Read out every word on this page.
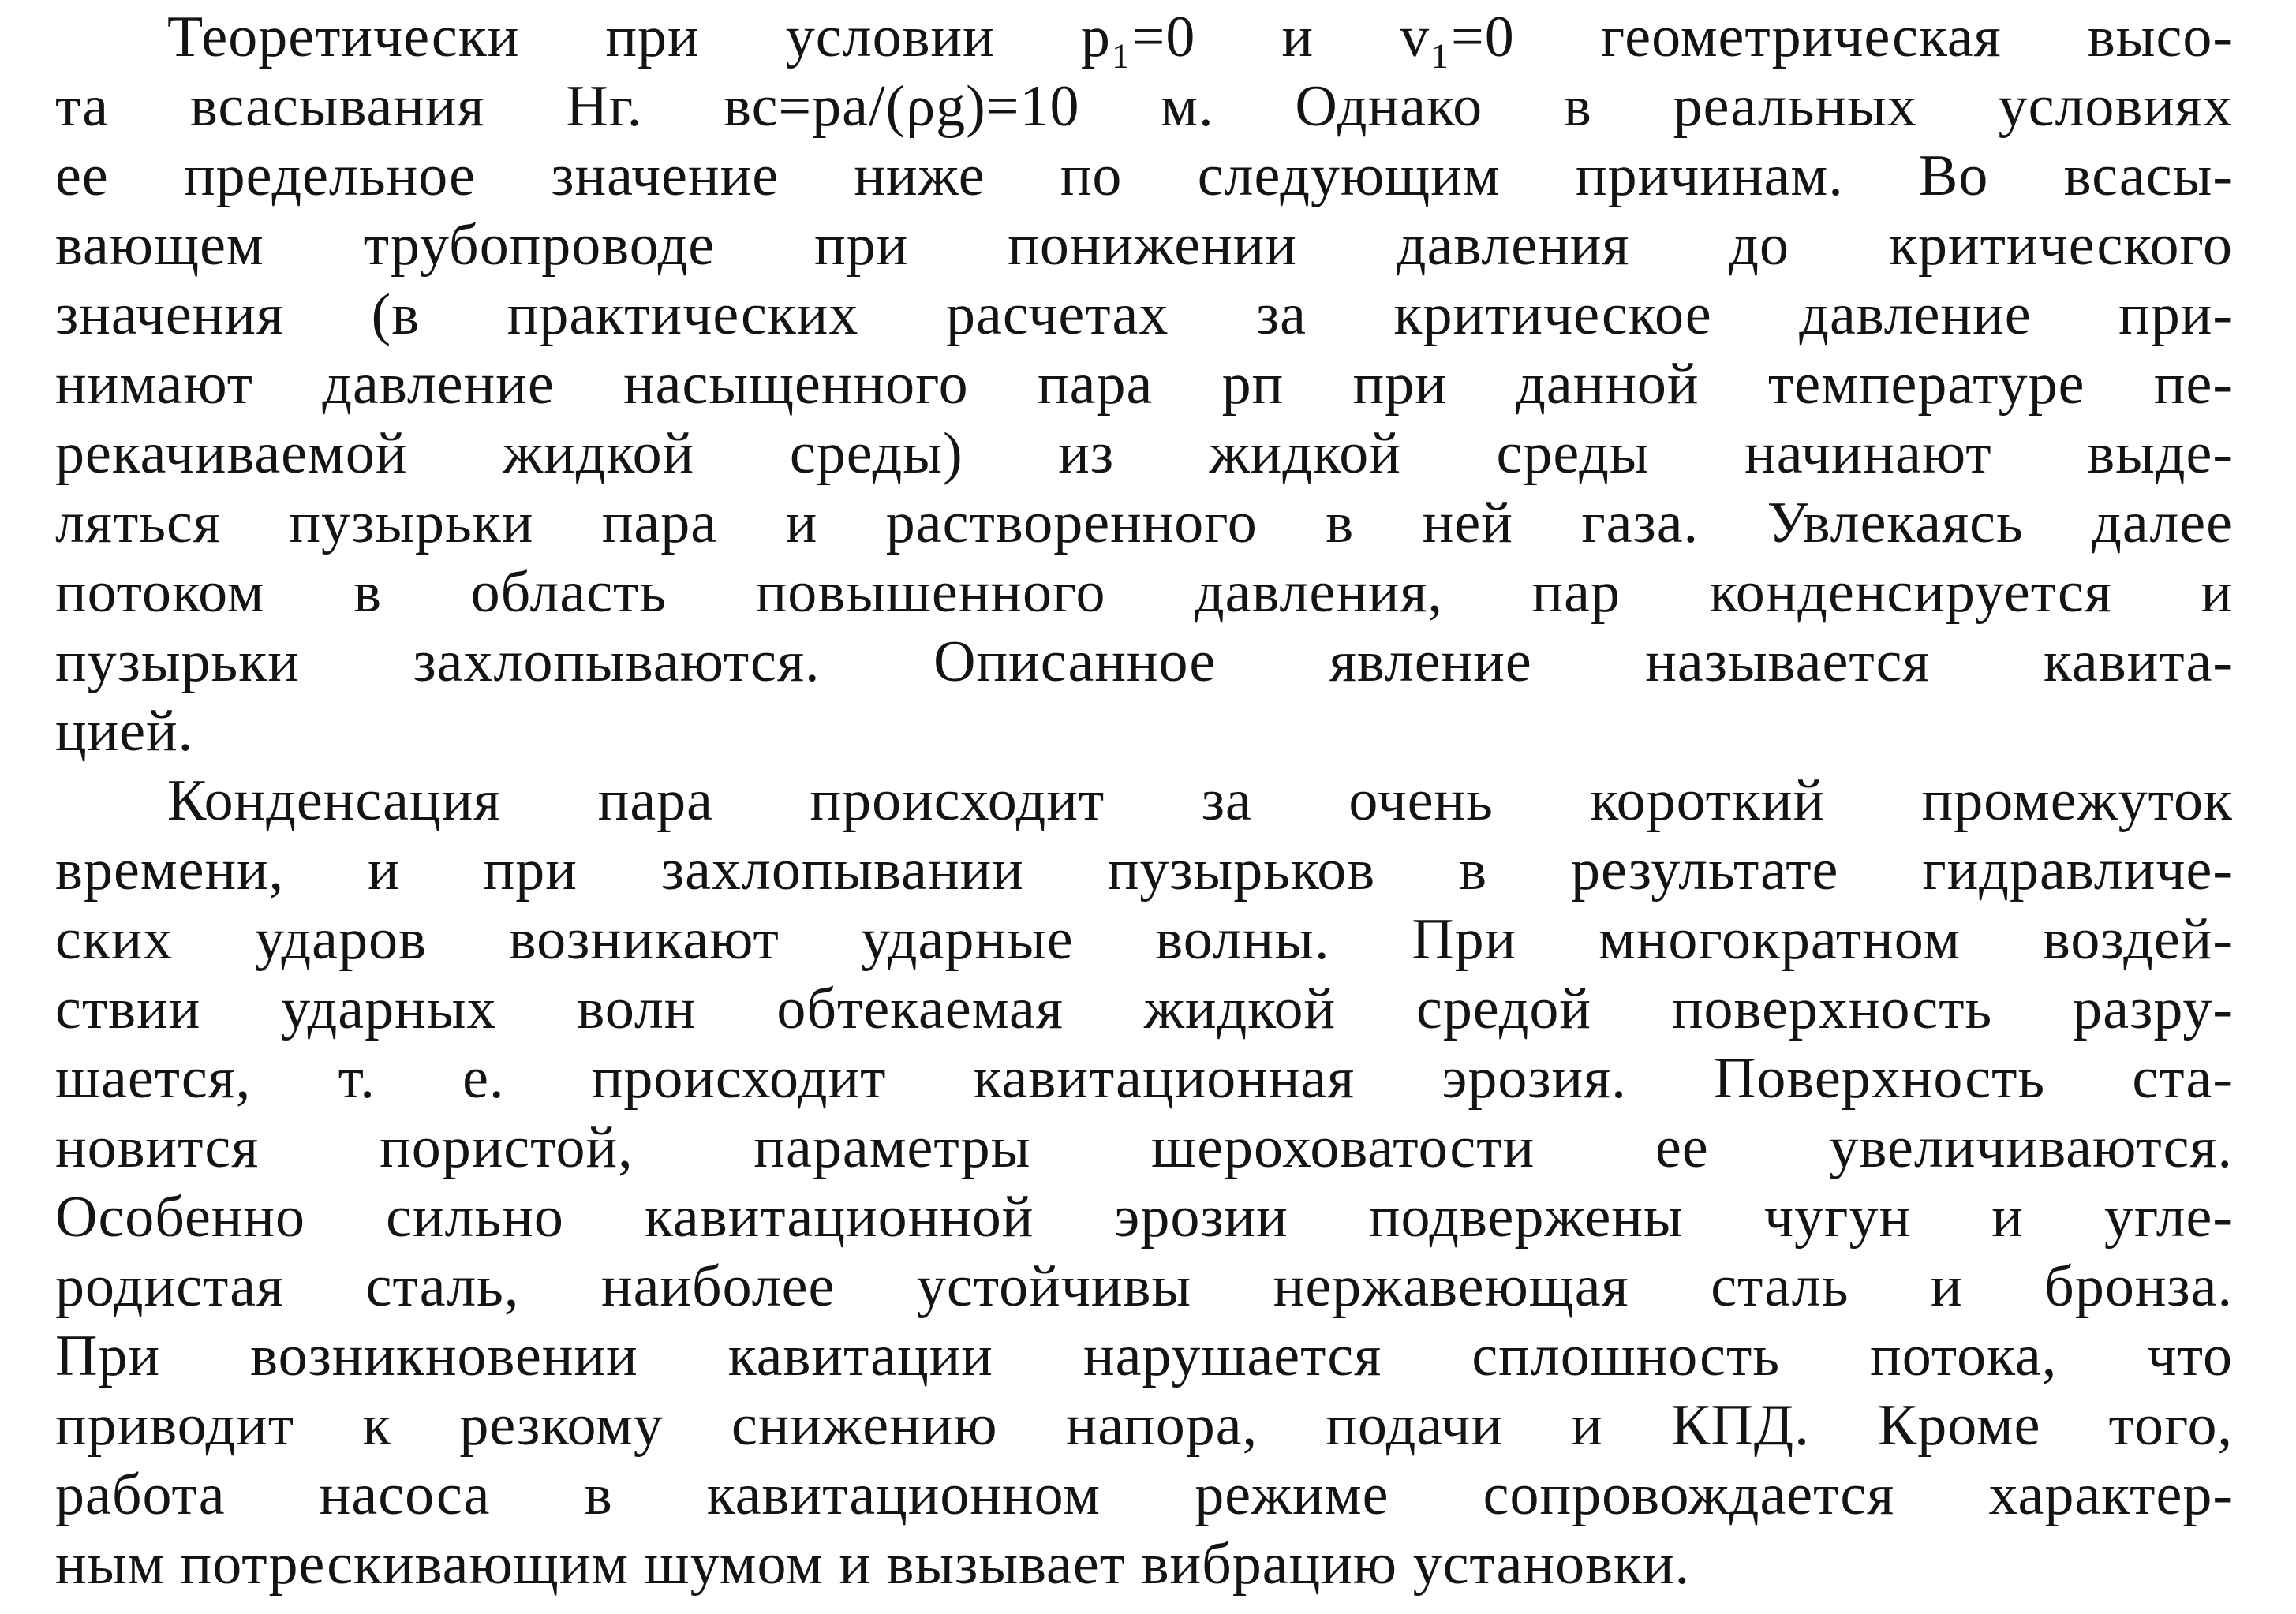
Теоретически при условии p₁=0 и v₁=0 геометрическая высо-
та всасывания Hг. вс=pа/(ρg)=10 м. Однако в реальных условиях
ее предельное значение ниже по следующим причинам. Во всасы-
вающем трубопроводе при понижении давления до критического
значения (в практических расчетах за критическое давление при-
нимают давление насыщенного пара pп при данной температуре пе-
рекачиваемой жидкой среды) из жидкой среды начинают выде-
ляться пузырьки пара и растворенного в ней газа. Увлекаясь далее
потоком в область повышенного давления, пар конденсируется и
пузырьки захлопываются. Описанное явление называется кавита-
цией.
Конденсация пара происходит за очень короткий промежуток
времени, и при захлопывании пузырьков в результате гидравличе-
ских ударов возникают ударные волны. При многократном воздей-
ствии ударных волн обтекаемая жидкой средой поверхность разру-
шается, т. е. происходит кавитационная эрозия. Поверхность ста-
новится пористой, параметры шероховатости ее увеличиваются.
Особенно сильно кавитационной эрозии подвержены чугун и угле-
родистая сталь, наиболее устойчивы нержавеющая сталь и бронза.
При возникновении кавитации нарушается сплошность потока, что
приводит к резкому снижению напора, подачи и КПД. Кроме того,
работа насоса в кавитационном режиме сопровождается характер-
ным потрескивающим шумом и вызывает вибрацию установки.
